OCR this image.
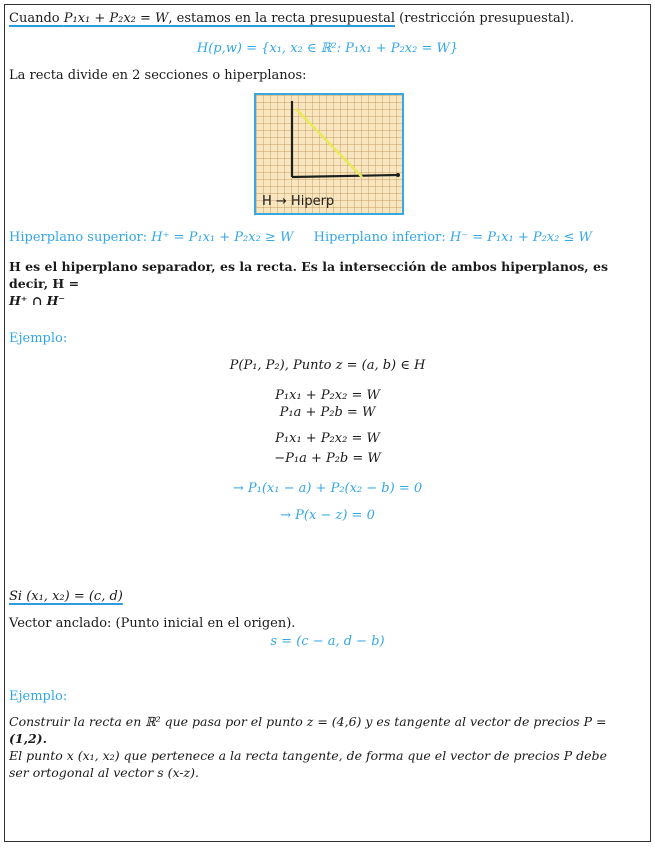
Cuando P₁x₁ + P₂x₂ = W, estamos en la recta presupuestal (restricción presupuestal).
H(p,w) = {x₁, x₂ ∈ ℝ²: P₁x₁ + P₂x₂ = W}
La recta divide en 2 secciones o hiperplanos:
H → Hiperp
Hiperplano superior: H⁺ = P₁x₁ + P₂x₂ ≥ W Hiperplano inferior: H⁻ = P₁x₁ + P₂x₂ ≤ W
H es el hiperplano separador, es la recta. Es la intersección de ambos hiperplanos, es decir, H =
H⁺ ∩ H⁻
Ejemplo:
P(P₁, P₂), Punto z = (a, b) ∈ H
P₁x₁ + P₂x₂ = W
P₁a + P₂b = W
P₁x₁ + P₂x₂ = W
−P₁a + P₂b = W
→ P₁(x₁ − a) + P₂(x₂ − b) = 0
→ P(x − z) = 0
Si (x₁, x₂) = (c, d)
Vector anclado: (Punto inicial en el origen).
s = (c − a, d − b)
Ejemplo:
Construir la recta en ℝ² que pasa por el punto z = (4,6) y es tangente al vector de precios P =
(1,2).
El punto x (x₁, x₂) que pertenece a la recta tangente, de forma que el vector de precios P debe
ser ortogonal al vector s (x-z).
